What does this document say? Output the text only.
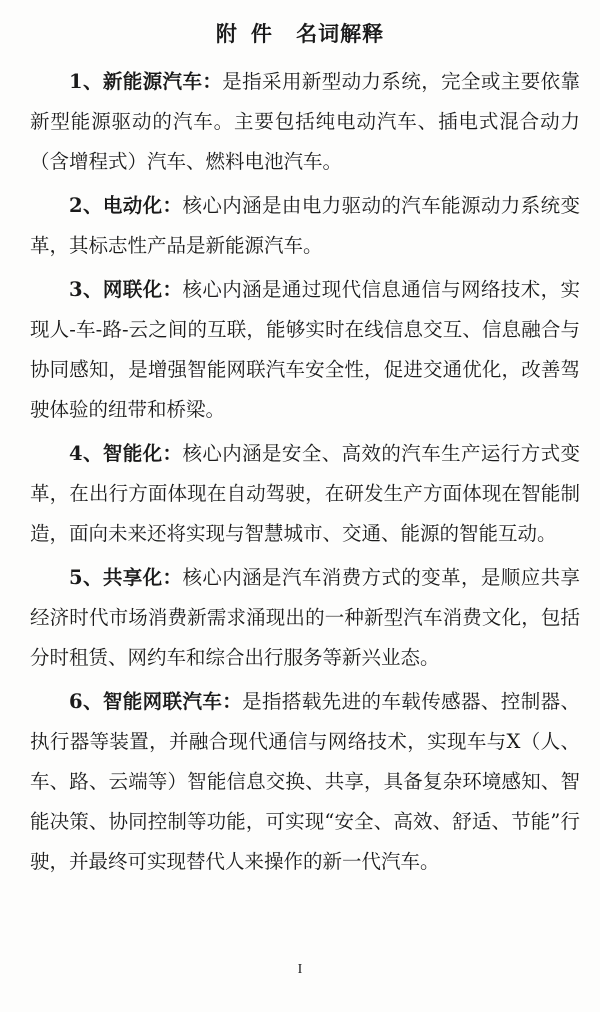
附件 名词解释

1、新能源汽车：是指采用新型动力系统，完全或主要依靠新型能源驱动的汽车。主要包括纯电动汽车、插电式混合动力（含增程式）汽车、燃料电池汽车。

2、电动化：核心内涵是由电力驱动的汽车能源动力系统变革，其标志性产品是新能源汽车。

3、网联化：核心内涵是通过现代信息通信与网络技术，实现人-车-路-云之间的互联，能够实时在线信息交互、信息融合与协同感知，是增强智能网联汽车安全性，促进交通优化，改善驾驶体验的纽带和桥梁。

4、智能化：核心内涵是安全、高效的汽车生产运行方式变革，在出行方面体现在自动驾驶，在研发生产方面体现在智能制造，面向未来还将实现与智慧城市、交通、能源的智能互动。

5、共享化：核心内涵是汽车消费方式的变革，是顺应共享经济时代市场消费新需求涌现出的一种新型汽车消费文化，包括分时租赁、网约车和综合出行服务等新兴业态。

6、智能网联汽车：是指搭载先进的车载传感器、控制器、执行器等装置，并融合现代通信与网络技术，实现车与X（人、车、路、云端等）智能信息交换、共享，具备复杂环境感知、智能决策、协同控制等功能，可实现“安全、高效、舒适、节能”行驶，并最终可实现替代人来操作的新一代汽车。

I
